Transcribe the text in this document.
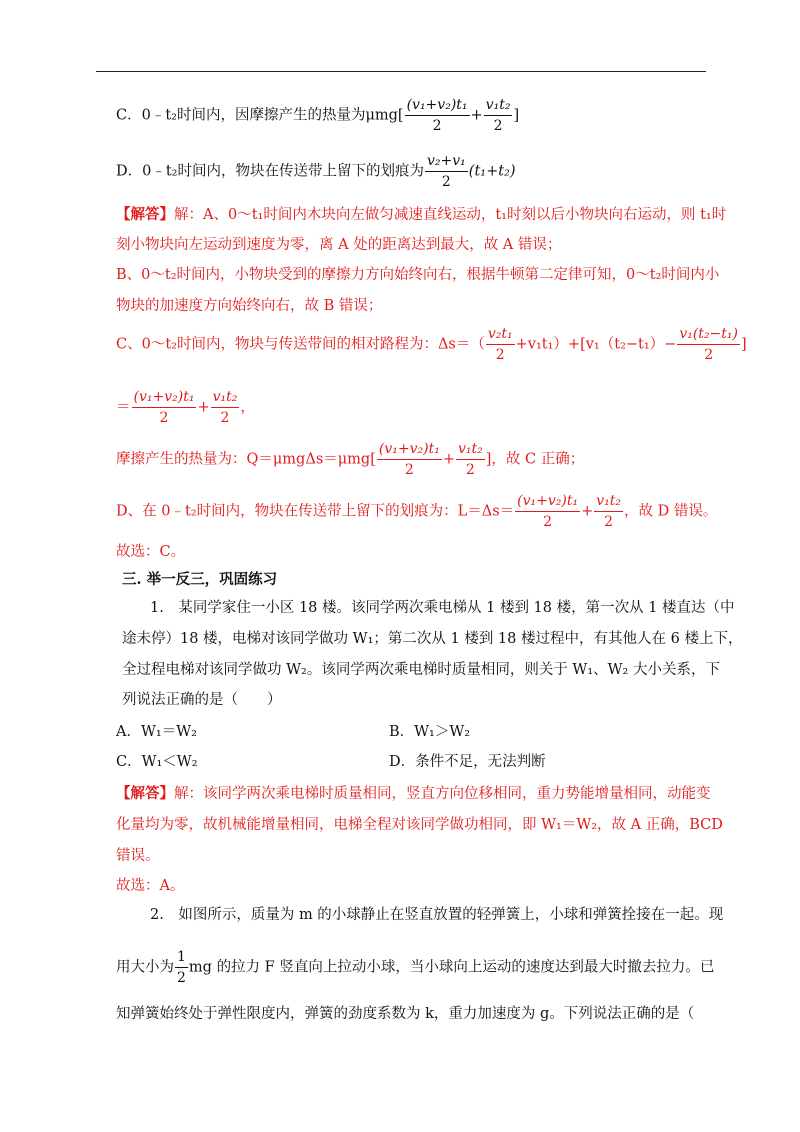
C．0﹣t₂时间内，因摩擦产生的热量为$\mu mg[ \frac{\text{(v₁+v₂)t₁}}{2} + \frac{\text{v₁t₂}}{2}$ ]
D．0﹣t₂时间内，物块在传送带上留下的划痕为 $\frac{\text{v₂+v₁}}{2} (t_1+t_2)$
【解答】解：A、0～t₁时间内木块向左做匀减速直线运动，t₁时刻以后小物块向右运动，则 t₁时
刻小物块向左运动到速度为零，离 A 处的距离达到最大，故 A 错误；
B、0～t₂时间内，小物块受到的摩擦力方向始终向右，根据牛顿第二定律可知，0～t₂时间内小
物块的加速度方向始终向右，故 B 错误；
C、0～t₂时间内，物块与传送带间的相对路程为：$\Delta s=( \frac{\text{v₂t₁}}{2} +v_1t_1)+[v_1(t_2-t_1)- \frac{\text{v₁(t₂−t₁)}}{2}$ ]
＝ $\frac{\text{(v₁+v₂)t₁}}{2} + \frac{\text{v₁t₂}}{2}$ ，
摩擦产生的热量为：$Q=\mu mg\Delta s=\mu mg[ \frac{\text{(v₁+v₂)t₁}}{2} + \frac{\text{v₁t₂}}{2}$ ]，故 C 正确；
D、在 0﹣t₂时间内，物块在传送带上留下的划痕为：$L=\Delta s= \frac{\text{(v₁+v₂)t₁}}{2} + \frac{\text{v₁t₂}}{2}$ ，故 D 错误。
故选：C。
三. 举一反三，巩固练习
1.　某同学家住一小区 18 楼。该同学两次乘电梯从 1 楼到 18 楼，第一次从 1 楼直达（中
途未停）18 楼，电梯对该同学做功 W₁；第二次从 1 楼到 18 楼过程中，有其他人在 6 楼上下，
全过程电梯对该同学做功 W₂。该同学两次乘电梯时质量相同，则关于 W₁、W₂ 大小关系，下
列说法正确的是（　　）
A．W₁＝W₂	B．W₁＞W₂
C．W₁＜W₂	D．条件不足，无法判断
【解答】解：该同学两次乘电梯时质量相同，竖直方向位移相同，重力势能增量相同，动能变
化量均为零，故机械能增量相同，电梯全程对该同学做功相同，即 W₁＝W₂，故 A 正确，BCD
错误。
故选：A。
2.　如图所示，质量为 m 的小球静止在竖直放置的轻弹簧上，小球和弹簧拴接在一起。现
用大小为 $\frac{1}{2}$ mg 的拉力 F 竖直向上拉动小球，当小球向上运动的速度达到最大时撤去拉力。已
知弹簧始终处于弹性限度内，弹簧的劲度系数为 k，重力加速度为 g。下列说法正确的是（
